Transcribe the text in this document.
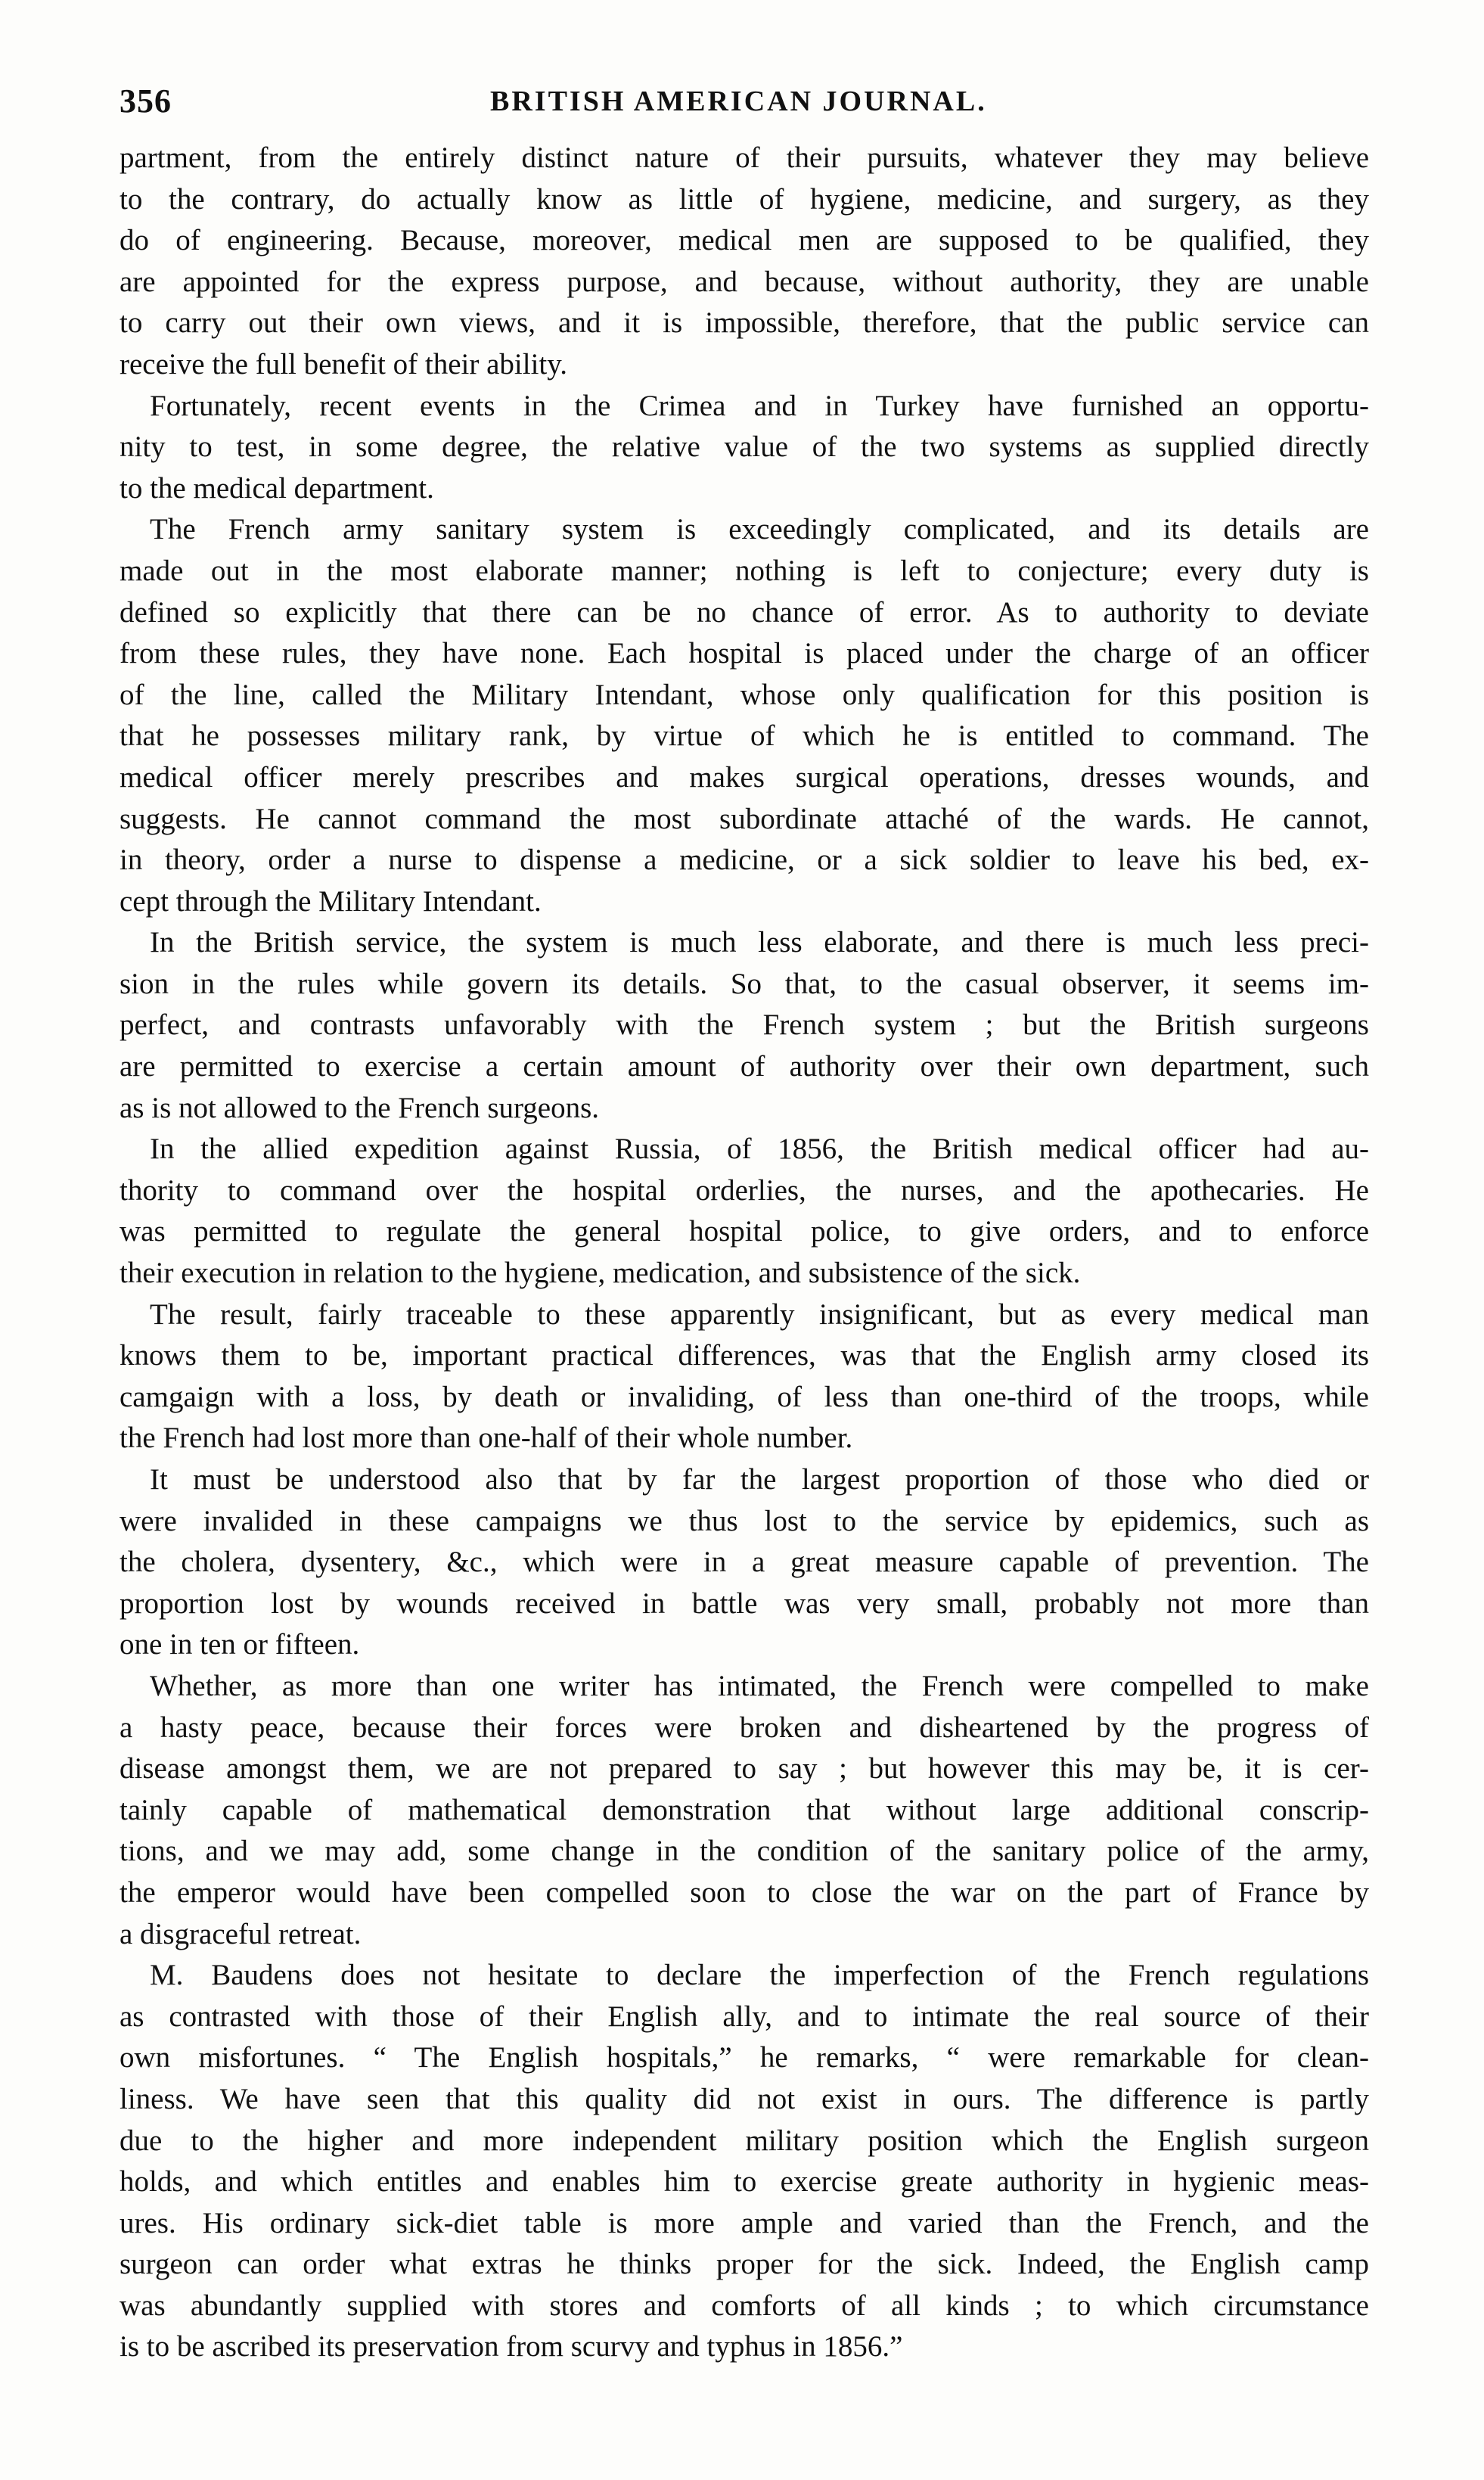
356	BRITISH AMERICAN JOURNAL.
partment, from the entirely distinct nature of their pursuits, whatever they may believe
to the contrary, do actually know as little of hygiene, medicine, and surgery, as they
do of engineering. Because, moreover, medical men are supposed to be qualified, they
are appointed for the express purpose, and because, without authority, they are unable
to carry out their own views, and it is impossible, therefore, that the public service can
receive the full benefit of their ability.
Fortunately, recent events in the Crimea and in Turkey have furnished an opportu-
nity to test, in some degree, the relative value of the two systems as supplied directly
to the medical department.
The French army sanitary system is exceedingly complicated, and its details are
made out in the most elaborate manner; nothing is left to conjecture; every duty is
defined so explicitly that there can be no chance of error. As to authority to deviate
from these rules, they have none. Each hospital is placed under the charge of an officer
of the line, called the Military Intendant, whose only qualification for this position is
that he possesses military rank, by virtue of which he is entitled to command. The
medical officer merely prescribes and makes surgical operations, dresses wounds, and
suggests. He cannot command the most subordinate attaché of the wards. He cannot,
in theory, order a nurse to dispense a medicine, or a sick soldier to leave his bed, ex-
cept through the Military Intendant.
In the British service, the system is much less elaborate, and there is much less preci-
sion in the rules while govern its details. So that, to the casual observer, it seems im-
perfect, and contrasts unfavorably with the French system ; but the British surgeons
are permitted to exercise a certain amount of authority over their own department, such
as is not allowed to the French surgeons.
In the allied expedition against Russia, of 1856, the British medical officer had au-
thority to command over the hospital orderlies, the nurses, and the apothecaries. He
was permitted to regulate the general hospital police, to give orders, and to enforce
their execution in relation to the hygiene, medication, and subsistence of the sick.
The result, fairly traceable to these apparently insignificant, but as every medical man
knows them to be, important practical differences, was that the English army closed its
camgaign with a loss, by death or invaliding, of less than one-third of the troops, while
the French had lost more than one-half of their whole number.
It must be understood also that by far the largest proportion of those who died or
were invalided in these campaigns we thus lost to the service by epidemics, such as
the cholera, dysentery, &c., which were in a great measure capable of prevention. The
proportion lost by wounds received in battle was very small, probably not more than
one in ten or fifteen.
Whether, as more than one writer has intimated, the French were compelled to make
a hasty peace, because their forces were broken and disheartened by the progress of
disease amongst them, we are not prepared to say ; but however this may be, it is cer-
tainly capable of mathematical demonstration that without large additional conscrip-
tions, and we may add, some change in the condition of the sanitary police of the army,
the emperor would have been compelled soon to close the war on the part of France by
a disgraceful retreat.
M. Baudens does not hesitate to declare the imperfection of the French regulations
as contrasted with those of their English ally, and to intimate the real source of their
own misfortunes. “ The English hospitals,” he remarks, “ were remarkable for clean-
liness. We have seen that this quality did not exist in ours. The difference is partly
due to the higher and more independent military position which the English surgeon
holds, and which entitles and enables him to exercise greate authority in hygienic meas-
ures. His ordinary sick-diet table is more ample and varied than the French, and the
surgeon can order what extras he thinks proper for the sick. Indeed, the English camp
was abundantly supplied with stores and comforts of all kinds ; to which circumstance
is to be ascribed its preservation from scurvy and typhus in 1856.”
